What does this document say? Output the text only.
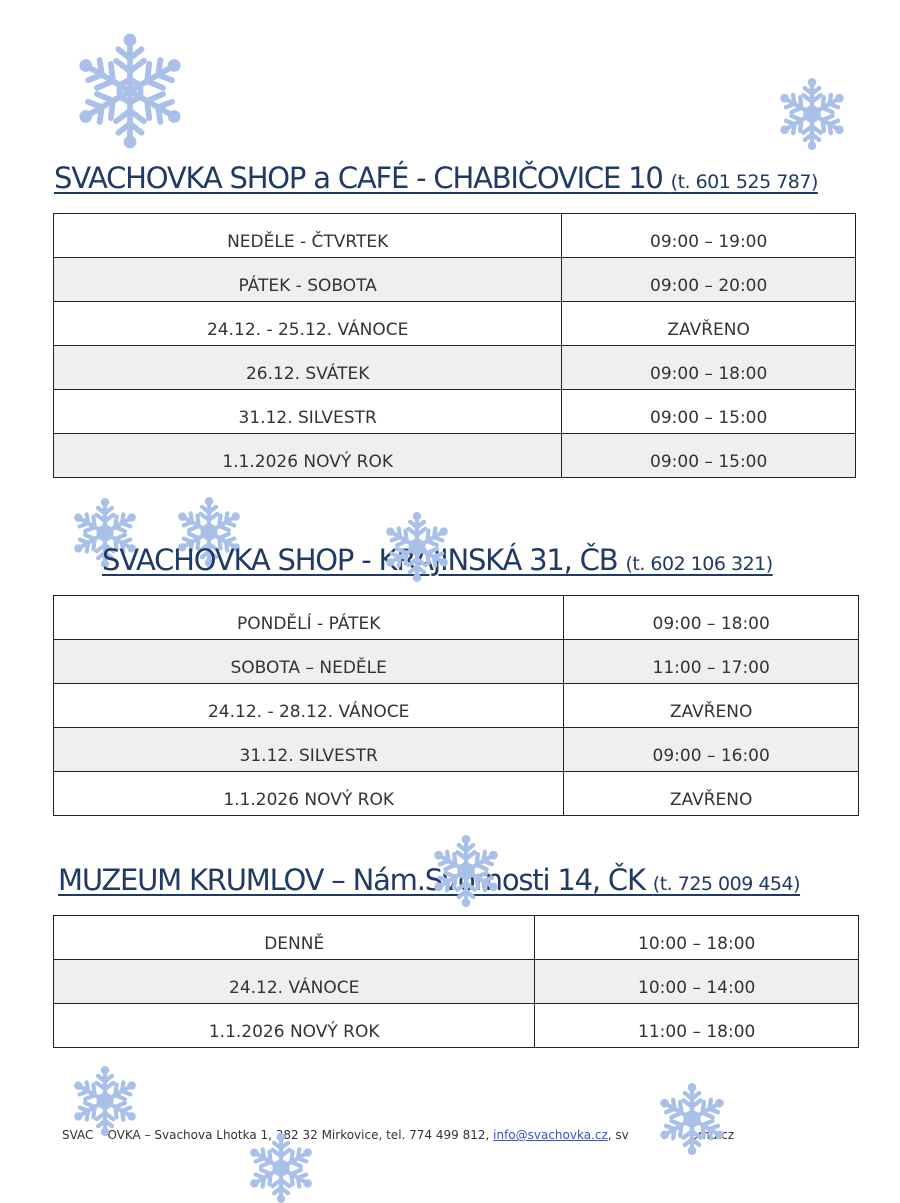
SVACHOVKA SHOP a CAFÉ - CHABIČOVICE 10 (t. 601 525 787)
NEDĚLE - ČTVRTEK	09:00 – 19:00
PÁTEK - SOBOTA	09:00 – 20:00
24.12. - 25.12. VÁNOCE	ZAVŘENO
26.12. SVÁTEK	09:00 – 18:00
31.12. SILVESTR	09:00 – 15:00
1.1.2026 NOVÝ ROK	09:00 – 15:00
SVACHOVKA SHOP - KRAJINSKÁ 31, ČB (t. 602 106 321)
PONDĚLÍ - PÁTEK	09:00 – 18:00
SOBOTA – NEDĚLE	11:00 – 17:00
24.12. - 28.12. VÁNOCE	ZAVŘENO
31.12. SILVESTR	09:00 – 16:00
1.1.2026 NOVÝ ROK	ZAVŘENO
MUZEUM KRUMLOV – Nám.Svornosti 14, ČK (t. 725 009 454)
DENNĚ	10:00 – 18:00
24.12. VÁNOCE	10:00 – 14:00
1.1.2026 NOVÝ ROK	11:00 – 18:00
SVAC OVKA – Svachova Lhotka 1, 382 32 Mirkovice, tel. 774 499 812, info@svachovka.cz, sv	omu.cz
